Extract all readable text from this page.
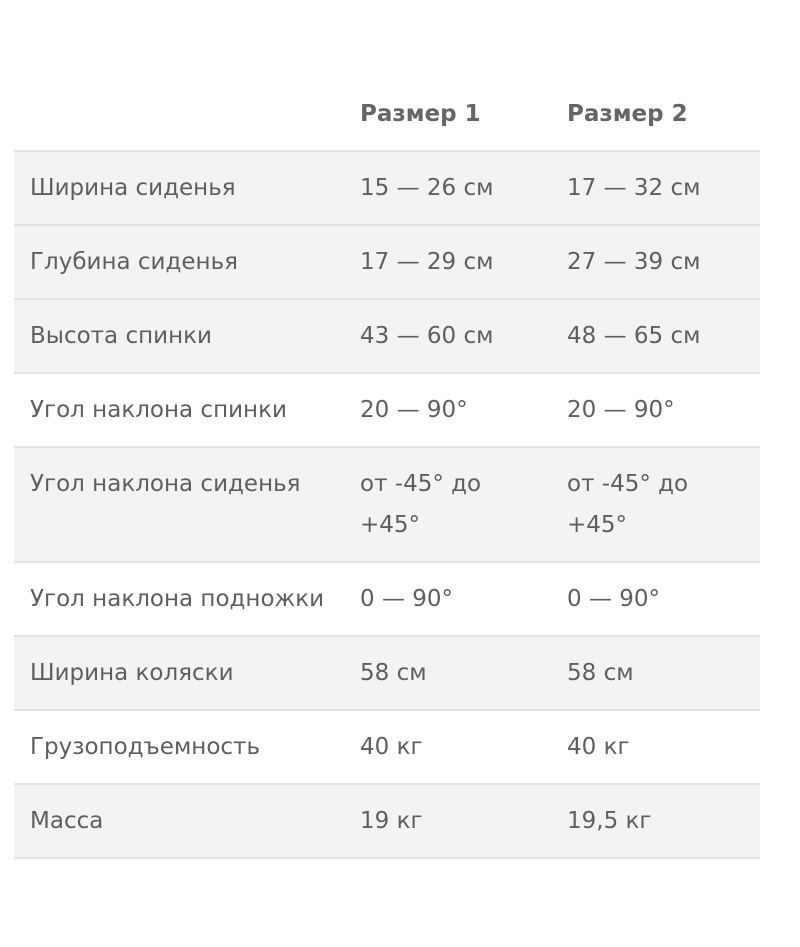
	Размер 1	Размер 2
Ширина сиденья	15 — 26 см	17 — 32 см
Глубина сиденья	17 — 29 см	27 — 39 см
Высота спинки	43 — 60 см	48 — 65 см
Угол наклона спинки	20 — 90°	20 — 90°
Угол наклона сиденья	от -45° до +45°	от -45° до +45°
Угол наклона подножки	0 — 90°	0 — 90°
Ширина коляски	58 см	58 см
Грузоподъемность	40 кг	40 кг
Масса	19 кг	19,5 кг
